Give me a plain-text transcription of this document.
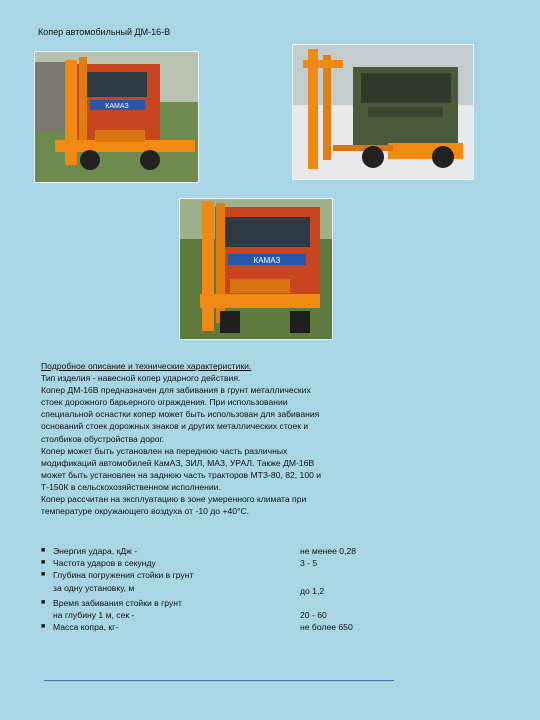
Копер автомобильный ДМ-16-В
КАМАЗ
КАМАЗ

Подробное описание и технические характеристики.

Тип изделия - навесной копер ударного действия.

Копер ДМ-16В предназначен для забивания в грунт металлических

стоек дорожного барьерного ограждения. При использовании

специальной оснастки копер может быть использован для забивания

оснований стоек дорожных знаков и других металлических стоек и

столбиков обустройства дорог.

Копер может быть установлен на переднюю часть различных

модификаций автомобилей КамАЗ, ЗИЛ, МАЗ, УРАЛ. Также ДМ-16В

может быть установлен на заднюю часть тракторов МТЗ-80, 82, 100 и

Т-150К в сельскохозяйственном исполнении.

Копер рассчитан на эксплуатацию в зоне умеренного климата при

температуре окружающего воздуха от -10 до +40°С.

■ Энергия удара, кДж -	не менее 0,28
■ Частота ударов в секунду	3 - 5
■ Глубина погружения стойки в грунт
за одну установку, м	до 1,2
■ Время забивания стойки в грунт
на глубину 1 м, сек -	20 - 60
■ Масса копра, кг-	не более 650
